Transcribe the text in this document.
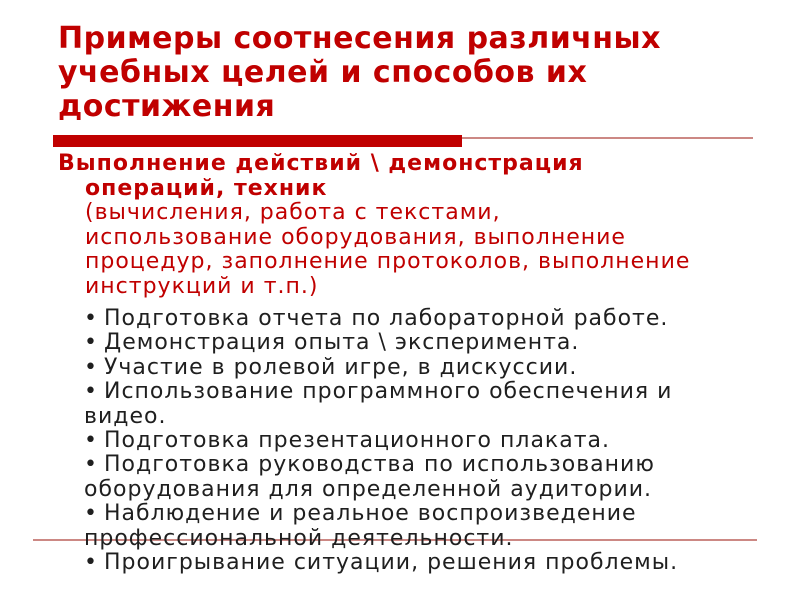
Примеры соотнесения различных
учебных целей и способов их
достижения
Выполнение действий \ демонстрация
операций, техник
(вычисления, работа с текстами,
использование оборудования, выполнение
процедур, заполнение протоколов, выполнение
инструкций и т.п.)
• Подготовка отчета по лабораторной работе.
• Демонстрация опыта \ эксперимента.
• Участие в ролевой игре, в дискуссии.
• Использование программного обеспечения и
видео.
• Подготовка презентационного плаката.
• Подготовка руководства по использованию
оборудования для определенной аудитории.
• Наблюдение и реальное воспроизведение
профессиональной деятельности.
• Проигрывание ситуации, решения проблемы.
